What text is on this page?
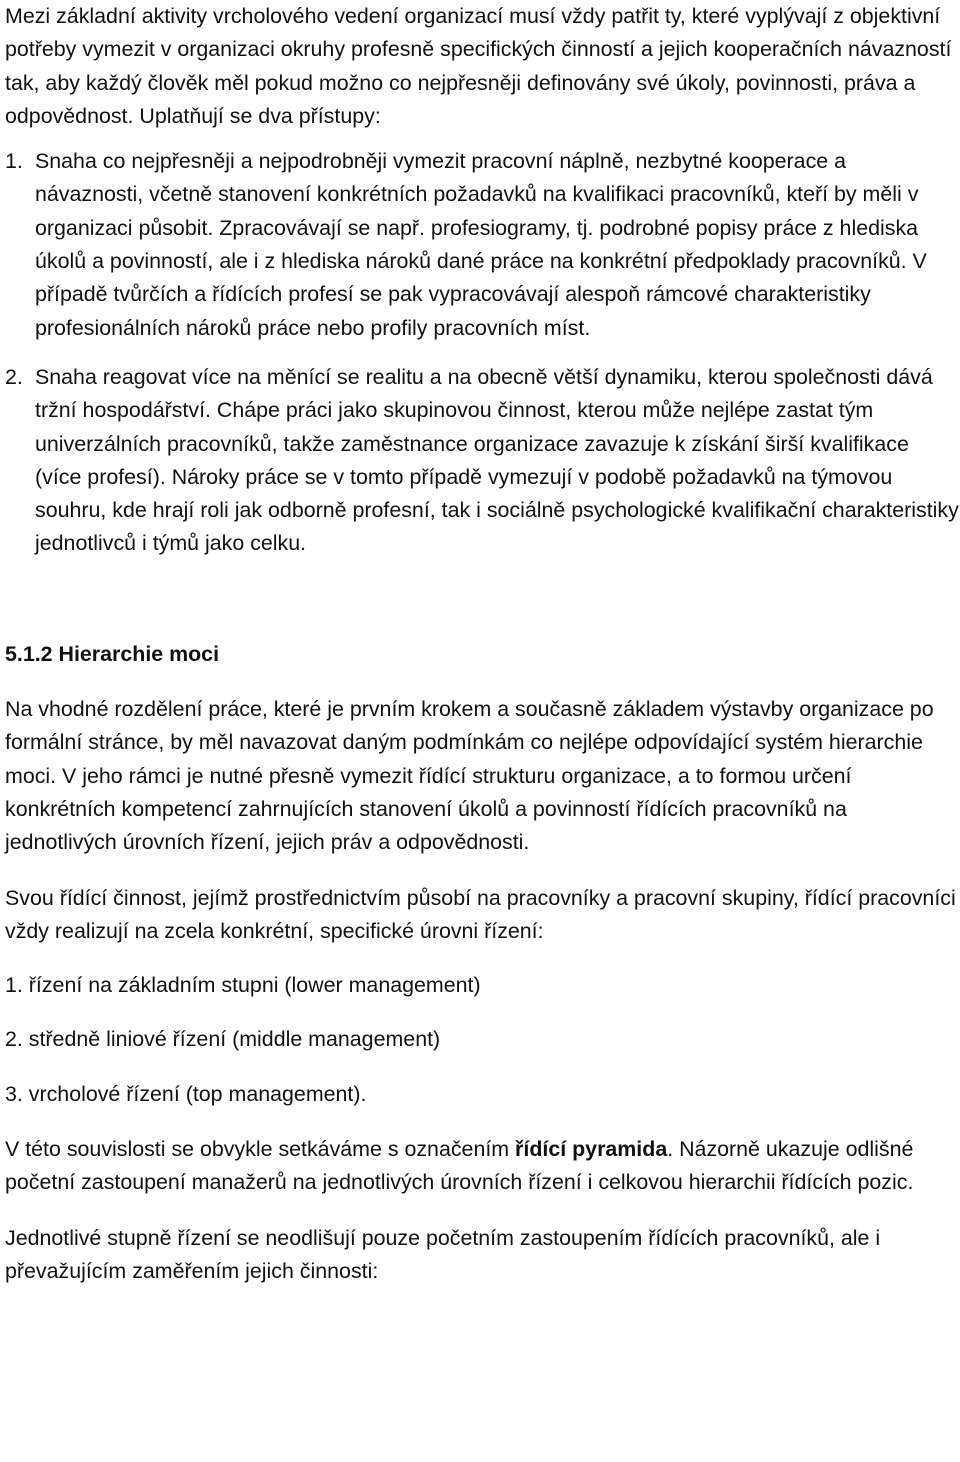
Mezi základní aktivity vrcholového vedení organizací musí vždy patřit ty, které vyplývají z objektivní potřeby vymezit v organizaci okruhy profesně specifických činností a jejich kooperačních návazností tak, aby každý člověk měl pokud možno co nejpřesněji definovány své úkoly, povinnosti, práva a odpovědnost. Uplatňují se dva přístupy:

1. Snaha co nejpřesněji a nejpodrobněji vymezit pracovní náplně, nezbytné kooperace a návaznosti, včetně stanovení konkrétních požadavků na kvalifikaci pracovníků, kteří by měli v organizaci působit. Zpracovávají se např. profesiogramy, tj. podrobné popisy práce z hlediska úkolů a povinností, ale i z hlediska nároků dané práce na konkrétní předpoklady pracovníků. V případě tvůrčích a řídících profesí se pak vypracovávají alespoň rámcové charakteristiky profesionálních nároků práce nebo profily pracovních míst.
2. Snaha reagovat více na měnící se realitu a na obecně větší dynamiku, kterou společnosti dává tržní hospodářství. Chápe práci jako skupinovou činnost, kterou může nejlépe zastat tým univerzálních pracovníků, takže zaměstnance organizace zavazuje k získání širší kvalifikace (více profesí). Nároky práce se v tomto případě vymezují v podobě požadavků na týmovou souhru, kde hrají roli jak odborně profesní, tak i sociálně psychologické kvalifikační charakteristiky jednotlivců i týmů jako celku.

5.1.2 Hierarchie moci

Na vhodné rozdělení práce, které je prvním krokem a současně základem výstavby organizace po formální stránce, by měl navazovat daným podmínkám co nejlépe odpovídající systém hierarchie moci. V jeho rámci je nutné přesně vymezit řídící strukturu organizace, a to formou určení konkrétních kompetencí zahrnujících stanovení úkolů a povinností řídících pracovníků na jednotlivých úrovních řízení, jejich práv a odpovědnosti.

Svou řídící činnost, jejímž prostřednictvím působí na pracovníky a pracovní skupiny, řídící pracovníci vždy realizují na zcela konkrétní, specifické úrovni řízení:

1. řízení na základním stupni (lower management)

2. středně liniové řízení (middle management)

3. vrcholové řízení (top management).

V této souvislosti se obvykle setkáváme s označením řídící pyramida. Názorně ukazuje odlišné početní zastoupení manažerů na jednotlivých úrovních řízení i celkovou hierarchii řídících pozic.

Jednotlivé stupně řízení se neodlišují pouze početním zastoupením řídících pracovníků, ale i převažujícím zaměřením jejich činnosti:
